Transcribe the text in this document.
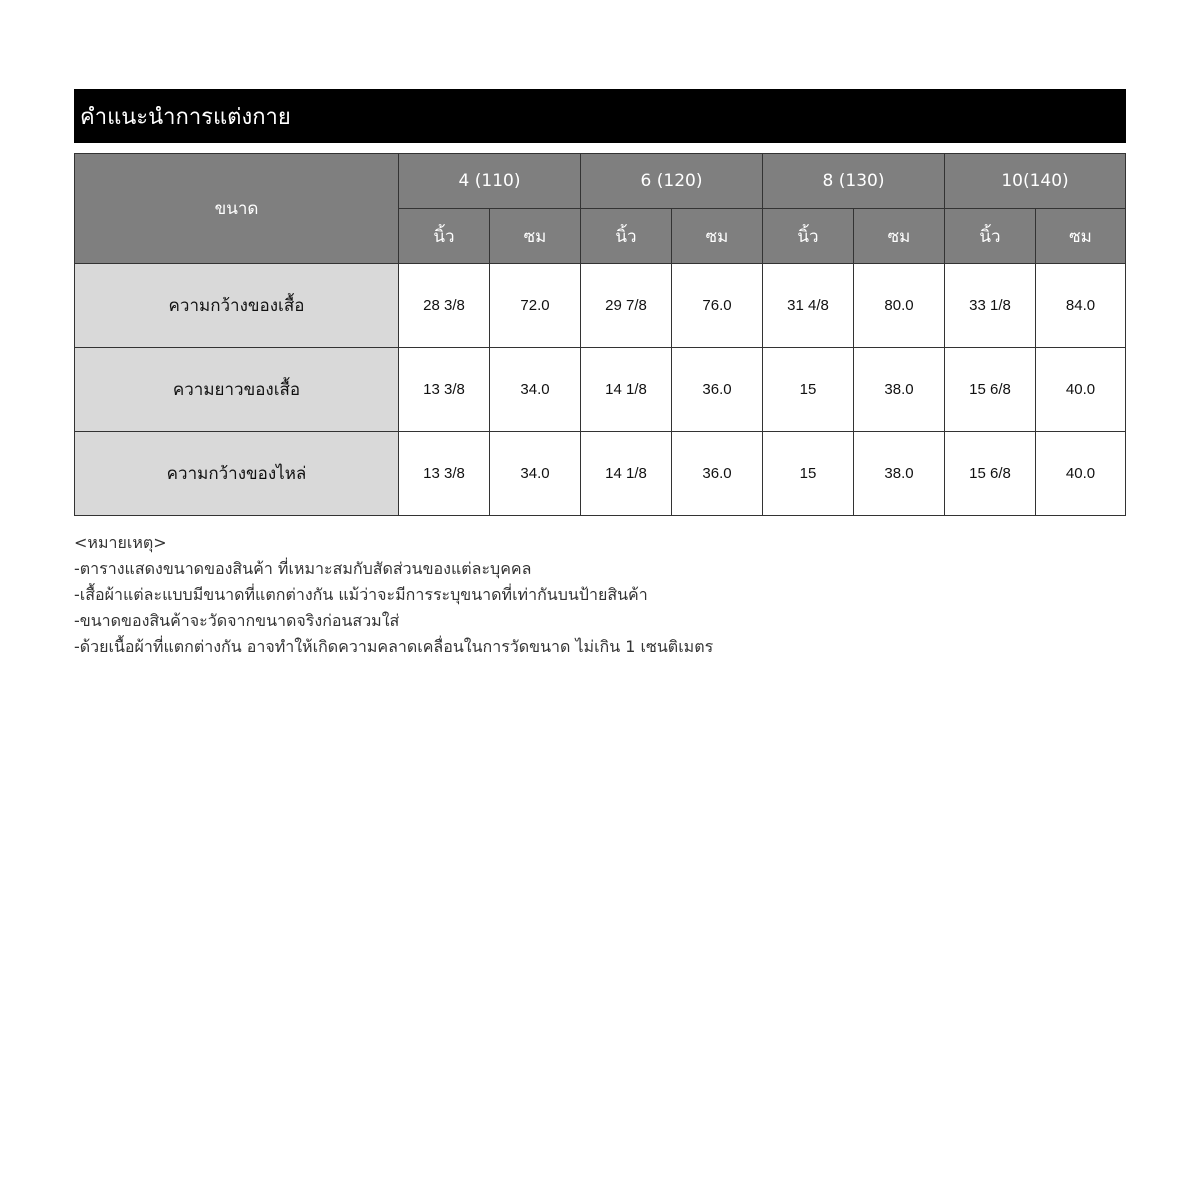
คำแนะนำการแต่งกาย
ขนาด	4 (110)		6 (120)		8 (130)		10(140)	
	นิ้ว	ซม	นิ้ว	ซม	นิ้ว	ซม	นิ้ว	ซม
ความกว้างของเสื้อ	28 3/8	72.0	29 7/8	76.0	31 4/8	80.0	33 1/8	84.0
ความยาวของเสื้อ	13 3/8	34.0	14 1/8	36.0	15	38.0	15 6/8	40.0
ความกว้างของไหล่	13 3/8	34.0	14 1/8	36.0	15	38.0	15 6/8	40.0
<หมายเหตุ>
-ตารางแสดงขนาดของสินค้า ที่เหมาะสมกับสัดส่วนของแต่ละบุคคล
-เสื้อผ้าแต่ละแบบมีขนาดที่แตกต่างกัน แม้ว่าจะมีการระบุขนาดที่เท่ากันบนป้ายสินค้า
-ขนาดของสินค้าจะวัดจากขนาดจริงก่อนสวมใส่
-ด้วยเนื้อผ้าที่แตกต่างกัน อาจทำให้เกิดความคลาดเคลื่อนในการวัดขนาด ไม่เกิน 1 เซนติเมตร
